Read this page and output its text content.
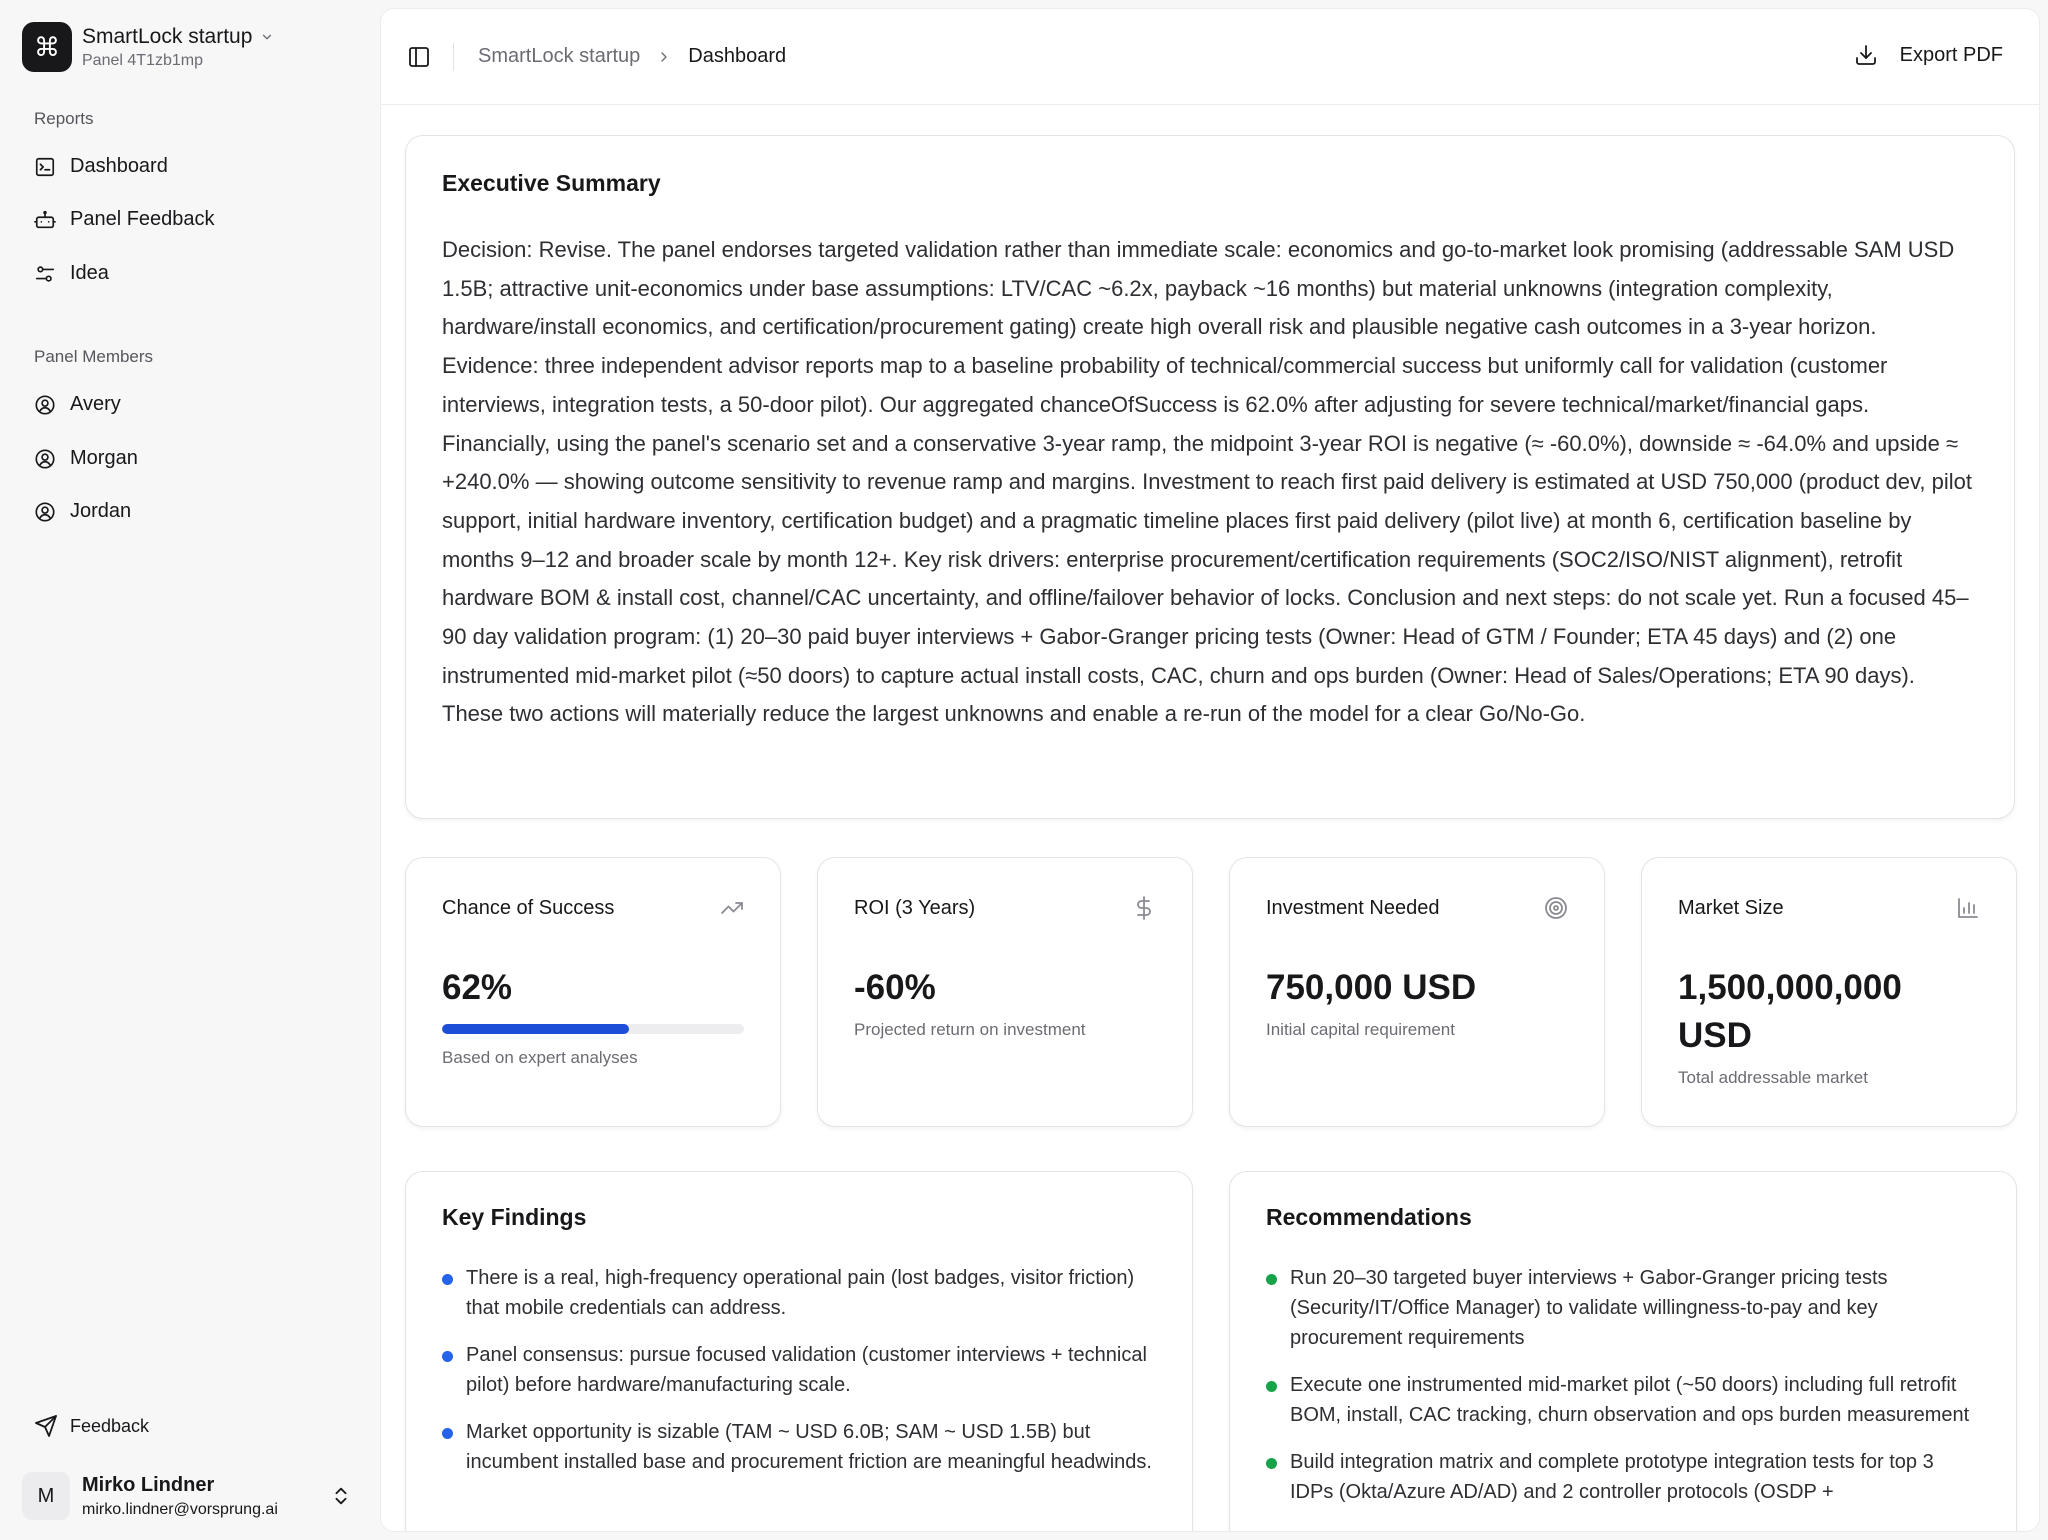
⌘	SmartLock startup
Panel 4T1zb1mp
Reports
Dashboard
Panel Feedback
Idea
Panel Members
Avery
Morgan
Jordan
Feedback
M	Mirko Lindner
mirko.lindner@vorsprung.ai
SmartLock startup Dashboard	Export PDF
Executive Summary

Decision: Revise. The panel endorses targeted validation rather than immediate scale: economics and go-to-market look promising (addressable SAM USD 1.5B; attractive unit-economics under base assumptions: LTV/CAC ~6.2x, payback ~16 months) but material unknowns (integration complexity, hardware/install economics, and certification/procurement gating) create high overall risk and plausible negative cash outcomes in a 3-year horizon. Evidence: three independent advisor reports map to a baseline probability of technical/commercial success but uniformly call for validation (customer interviews, integration tests, a 50-door pilot). Our aggregated chanceOfSuccess is 62.0% after adjusting for severe technical/market/financial gaps. Financially, using the panel's scenario set and a conservative 3-year ramp, the midpoint 3-year ROI is negative (≈ -60.0%), downside ≈ -64.0% and upside ≈ +240.0% — showing outcome sensitivity to revenue ramp and margins. Investment to reach first paid delivery is estimated at USD 750,000 (product dev, pilot support, initial hardware inventory, certification budget) and a pragmatic timeline places first paid delivery (pilot live) at month 6, certification baseline by months 9–12 and broader scale by month 12+. Key risk drivers: enterprise procurement/certification requirements (SOC2/ISO/NIST alignment), retrofit hardware BOM & install cost, channel/CAC uncertainty, and offline/failover behavior of locks. Conclusion and next steps: do not scale yet. Run a focused 45–90 day validation program: (1) 20–30 paid buyer interviews + Gabor-Granger pricing tests (Owner: Head of GTM / Founder; ETA 45 days) and (2) one instrumented mid-market pilot (≈50 doors) to capture actual install costs, CAC, churn and ops burden (Owner: Head of Sales/Operations; ETA 90 days). These two actions will materially reduce the largest unknowns and enable a re-run of the model for a clear Go/No-Go.

Chance of Success
62%
Based on expert analyses
ROI (3 Years)
-60%
Projected return on investment
Investment Needed
750,000 USD
Initial capital requirement
Market Size
1,500,000,000 USD
Total addressable market
Key Findings
There is a real, high-frequency operational pain (lost badges, visitor friction) that mobile credentials can address.
Panel consensus: pursue focused validation (customer interviews + technical pilot) before hardware/manufacturing scale.
Market opportunity is sizable (TAM ~ USD 6.0B; SAM ~ USD 1.5B) but incumbent installed base and procurement friction are meaningful headwinds.
Recommendations
Run 20–30 targeted buyer interviews + Gabor-Granger pricing tests (Security/IT/Office Manager) to validate willingness-to-pay and key procurement requirements
Execute one instrumented mid-market pilot (~50 doors) including full retrofit BOM, install, CAC tracking, churn observation and ops burden measurement
Build integration matrix and complete prototype integration tests for top 3 IDPs (Okta/Azure AD/AD) and 2 controller protocols (OSDP +
